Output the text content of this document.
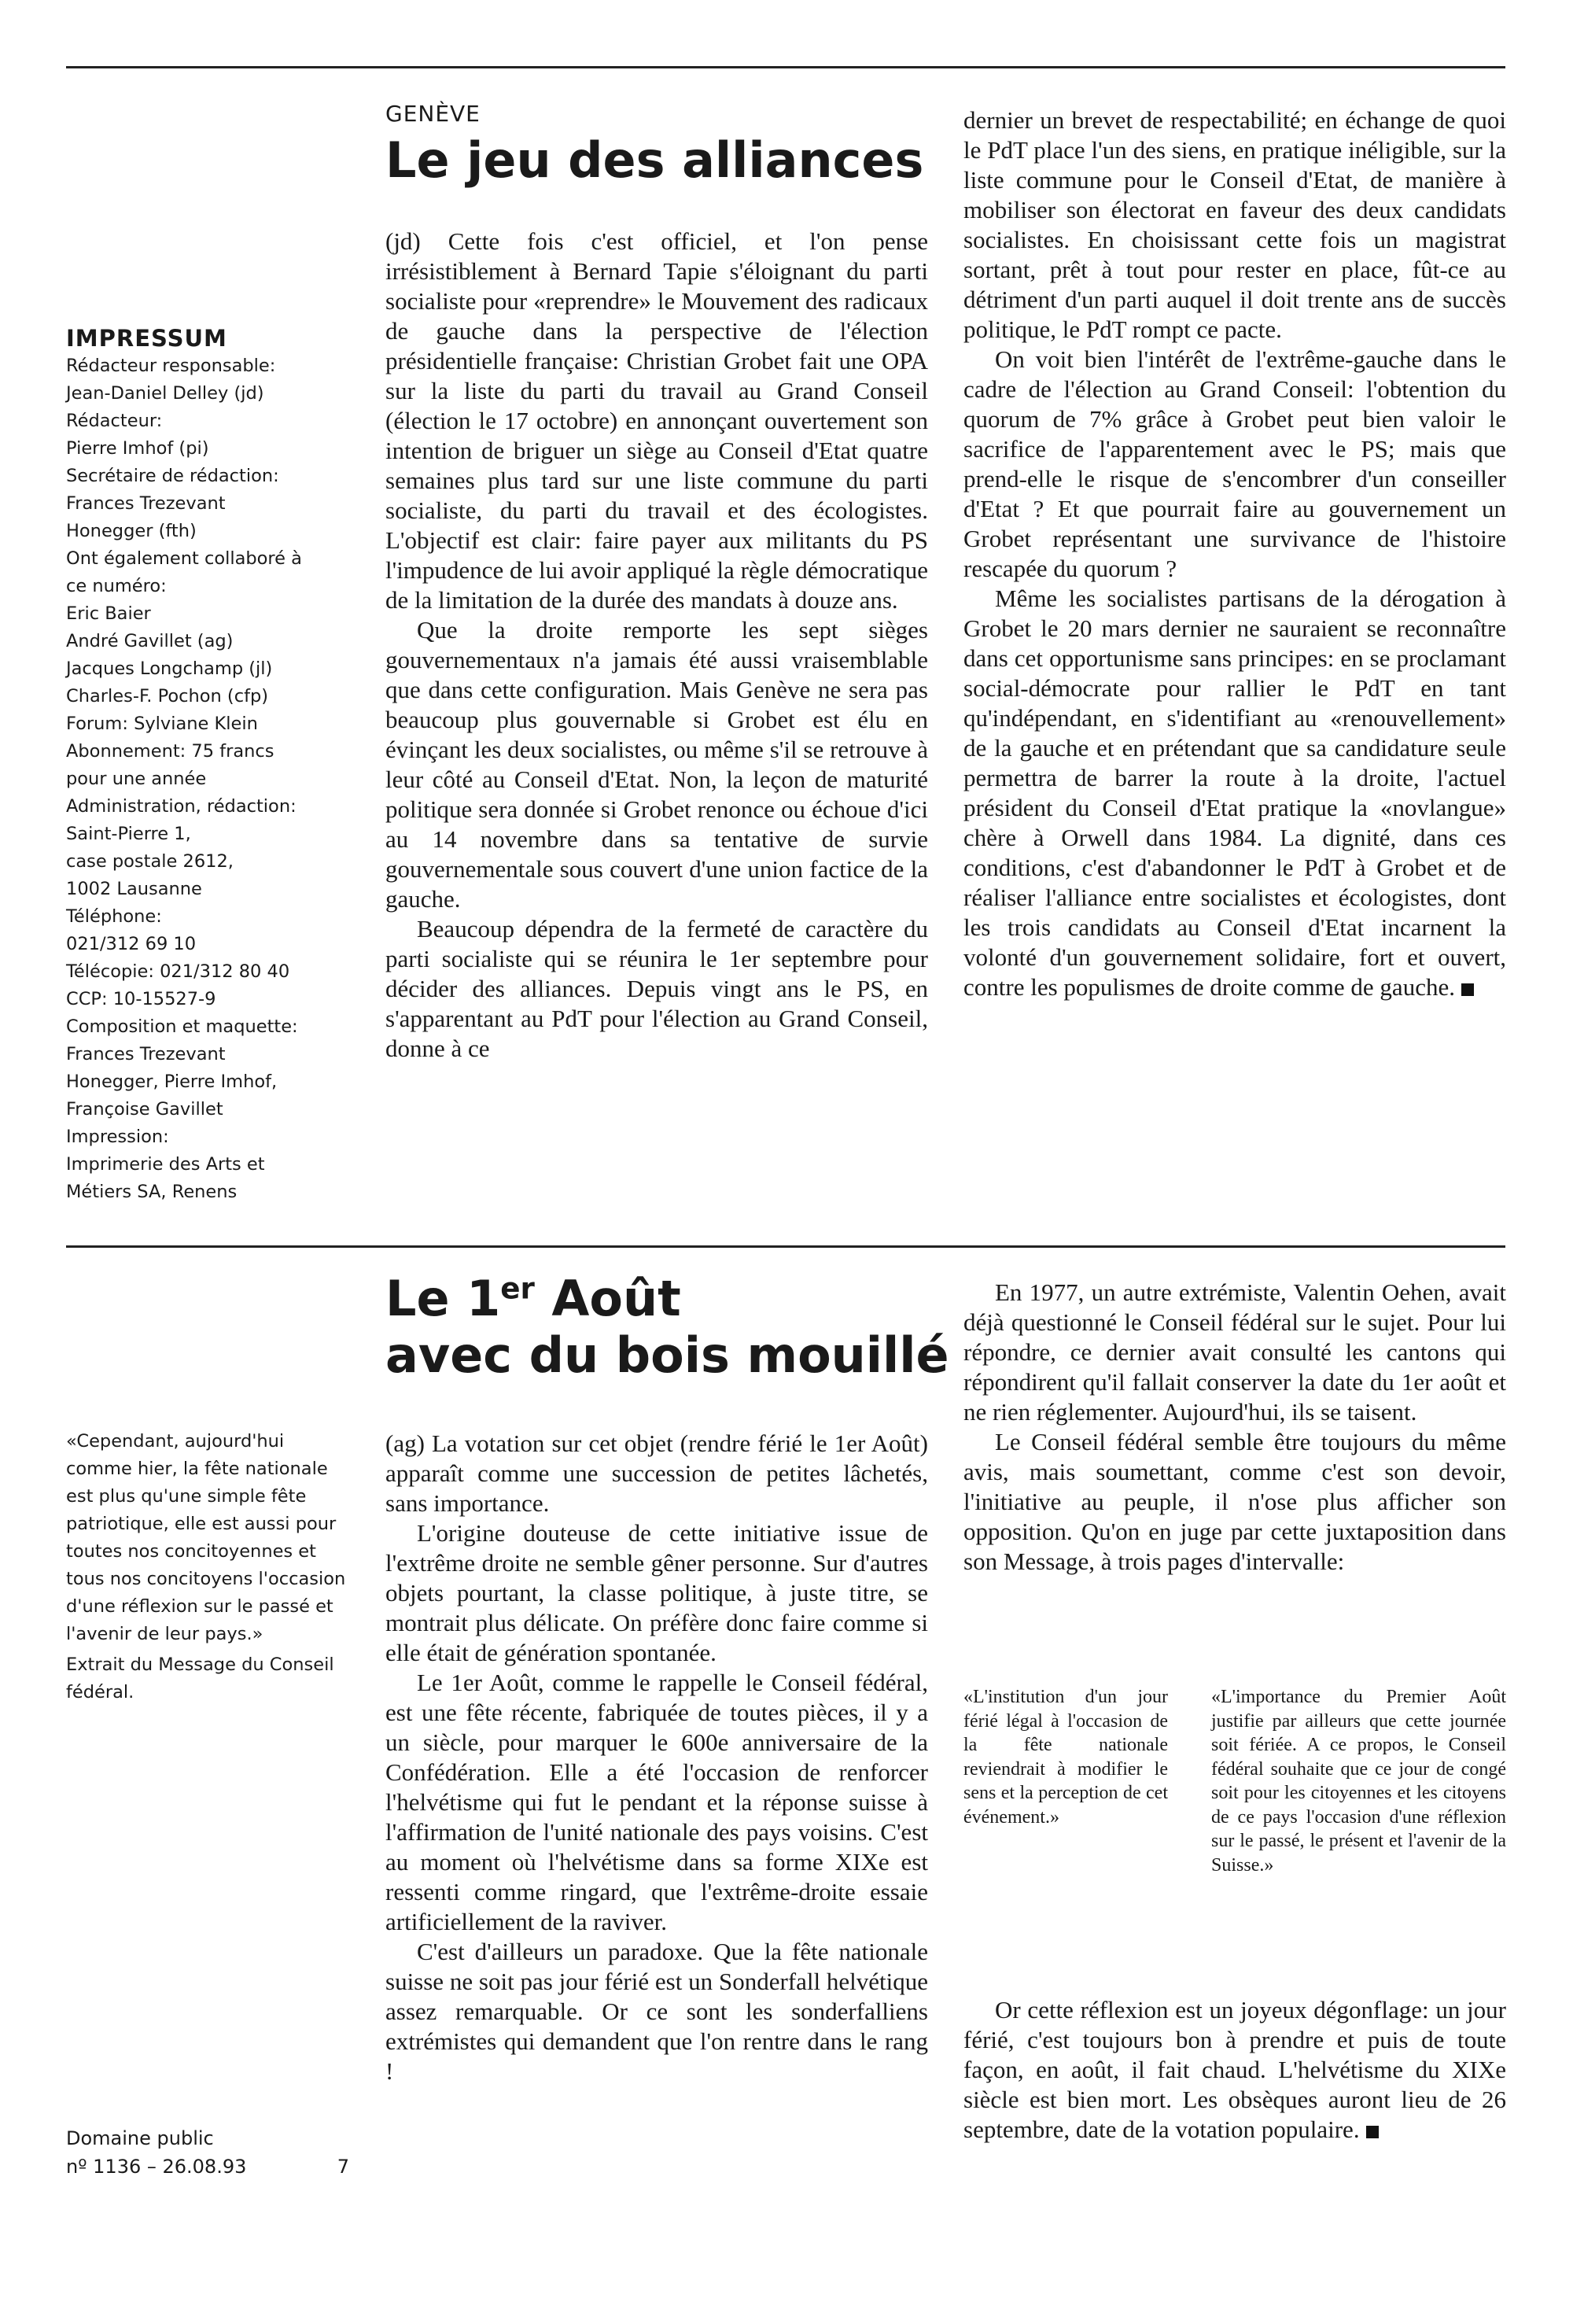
IMPRESSUM

Rédacteur responsable:
Jean-Daniel Delley (jd)
Rédacteur:
Pierre Imhof (pi)
Secrétaire de rédaction:
Frances Trezevant
Honegger (fth)
Ont également collaboré à
ce numéro:
Eric Baier
André Gavillet (ag)
Jacques Longchamp (jl)
Charles-F. Pochon (cfp)
Forum: Sylviane Klein
Abonnement: 75 francs
pour une année
Administration, rédaction:
Saint-Pierre 1,
case postale 2612,
1002 Lausanne
Téléphone:
021/312 69 10
Télécopie: 021/312 80 40
CCP: 10-15527-9
Composition et maquette:
Frances Trezevant
Honegger, Pierre Imhof,
Françoise Gavillet
Impression:
Imprimerie des Arts et
Métiers SA, Renens

«Cependant, aujourd'hui comme hier, la fête nationale est plus qu'une simple fête patriotique, elle est aussi pour toutes nos concitoyennes et tous nos concitoyens l'occasion d'une réflexion sur le passé et l'avenir de leur pays.»

Extrait du Message du Conseil fédéral.

Domaine public
nº 1136 – 26.08.93	7
GENÈVE
Le jeu des alliances

(jd) Cette fois c'est officiel, et l'on pense irrésistiblement à Bernard Tapie s'éloignant du parti socialiste pour «reprendre» le Mouvement des radicaux de gauche dans la perspective de l'élection présidentielle française: Christian Grobet fait une OPA sur la liste du parti du travail au Grand Conseil (élection le 17 octobre) en annonçant ouvertement son intention de briguer un siège au Conseil d'Etat quatre semaines plus tard sur une liste commune du parti socialiste, du parti du travail et des écologistes. L'objectif est clair: faire payer aux militants du PS l'impudence de lui avoir appliqué la règle démocratique de la limitation de la durée des mandats à douze ans.

Que la droite remporte les sept sièges gouvernementaux n'a jamais été aussi vraisemblable que dans cette configuration. Mais Genève ne sera pas beaucoup plus gouvernable si Grobet est élu en évinçant les deux socialistes, ou même s'il se retrouve à leur côté au Conseil d'Etat. Non, la leçon de maturité politique sera donnée si Grobet renonce ou échoue d'ici au 14 novembre dans sa tentative de survie gouvernementale sous couvert d'une union factice de la gauche.

Beaucoup dépendra de la fermeté de caractère du parti socialiste qui se réunira le 1er septembre pour décider des alliances. Depuis vingt ans le PS, en s'apparentant au PdT pour l'élection au Grand Conseil, donne à ce

dernier un brevet de respectabilité; en échange de quoi le PdT place l'un des siens, en pratique inéligible, sur la liste commune pour le Conseil d'Etat, de manière à mobiliser son électorat en faveur des deux candidats socialistes. En choisissant cette fois un magistrat sortant, prêt à tout pour rester en place, fût-ce au détriment d'un parti auquel il doit trente ans de succès politique, le PdT rompt ce pacte.

On voit bien l'intérêt de l'extrême-gauche dans le cadre de l'élection au Grand Conseil: l'obtention du quorum de 7% grâce à Grobet peut bien valoir le sacrifice de l'apparentement avec le PS; mais que prend-elle le risque de s'encombrer d'un conseiller d'Etat ? Et que pourrait faire au gouvernement un Grobet représentant une survivance de l'histoire rescapée du quorum ?

Même les socialistes partisans de la dérogation à Grobet le 20 mars dernier ne sauraient se reconnaître dans cet opportunisme sans principes: en se proclamant social-démocrate pour rallier le PdT en tant qu'indépendant, en s'identifiant au «renouvellement» de la gauche et en prétendant que sa candidature seule permettra de barrer la route à la droite, l'actuel président du Conseil d'Etat pratique la «novlangue» chère à Orwell dans 1984. La dignité, dans ces conditions, c'est d'abandonner le PdT à Grobet et de réaliser l'alliance entre socialistes et écologistes, dont les trois candidats au Conseil d'Etat incarnent la volonté d'un gouvernement solidaire, fort et ouvert, contre les populismes de droite comme de gauche.

Le 1er Août
avec du bois mouillé

(ag) La votation sur cet objet (rendre férié le 1er Août) apparaît comme une succession de petites lâchetés, sans importance.

L'origine douteuse de cette initiative issue de l'extrême droite ne semble gêner personne. Sur d'autres objets pourtant, la classe politique, à juste titre, se montrait plus délicate. On préfère donc faire comme si elle était de génération spontanée.

Le 1er Août, comme le rappelle le Conseil fédéral, est une fête récente, fabriquée de toutes pièces, il y a un siècle, pour marquer le 600e anniversaire de la Confédération. Elle a été l'occasion de renforcer l'helvétisme qui fut le pendant et la réponse suisse à l'affirmation de l'unité nationale des pays voisins. C'est au moment où l'helvétisme dans sa forme XIXe est ressenti comme ringard, que l'extrême-droite essaie artificiellement de la raviver.

C'est d'ailleurs un paradoxe. Que la fête nationale suisse ne soit pas jour férié est un Sonderfall helvétique assez remarquable. Or ce sont les sonderfalliens extrémistes qui demandent que l'on rentre dans le rang !

En 1977, un autre extrémiste, Valentin Oehen, avait déjà questionné le Conseil fédéral sur le sujet. Pour lui répondre, ce dernier avait consulté les cantons qui répondirent qu'il fallait conserver la date du 1er août et ne rien réglementer. Aujourd'hui, ils se taisent.

Le Conseil fédéral semble être toujours du même avis, mais soumettant, comme c'est son devoir, l'initiative au peuple, il n'ose plus afficher son opposition. Qu'on en juge par cette juxtaposition dans son Message, à trois pages d'intervalle:

«L'institution d'un jour férié légal à l'occasion de la fête nationale reviendrait à modifier le sens et la perception de cet événement.»

«L'importance du Premier Août justifie par ailleurs que cette journée soit fériée. A ce propos, le Conseil fédéral souhaite que ce jour de congé soit pour les citoyennes et les citoyens de ce pays l'occasion d'une réflexion sur le passé, le présent et l'avenir de la Suisse.»

Or cette réflexion est un joyeux dégonflage: un jour férié, c'est toujours bon à prendre et puis de toute façon, en août, il fait chaud. L'helvétisme du XIXe siècle est bien mort. Les obsèques auront lieu de 26 septembre, date de la votation populaire.
